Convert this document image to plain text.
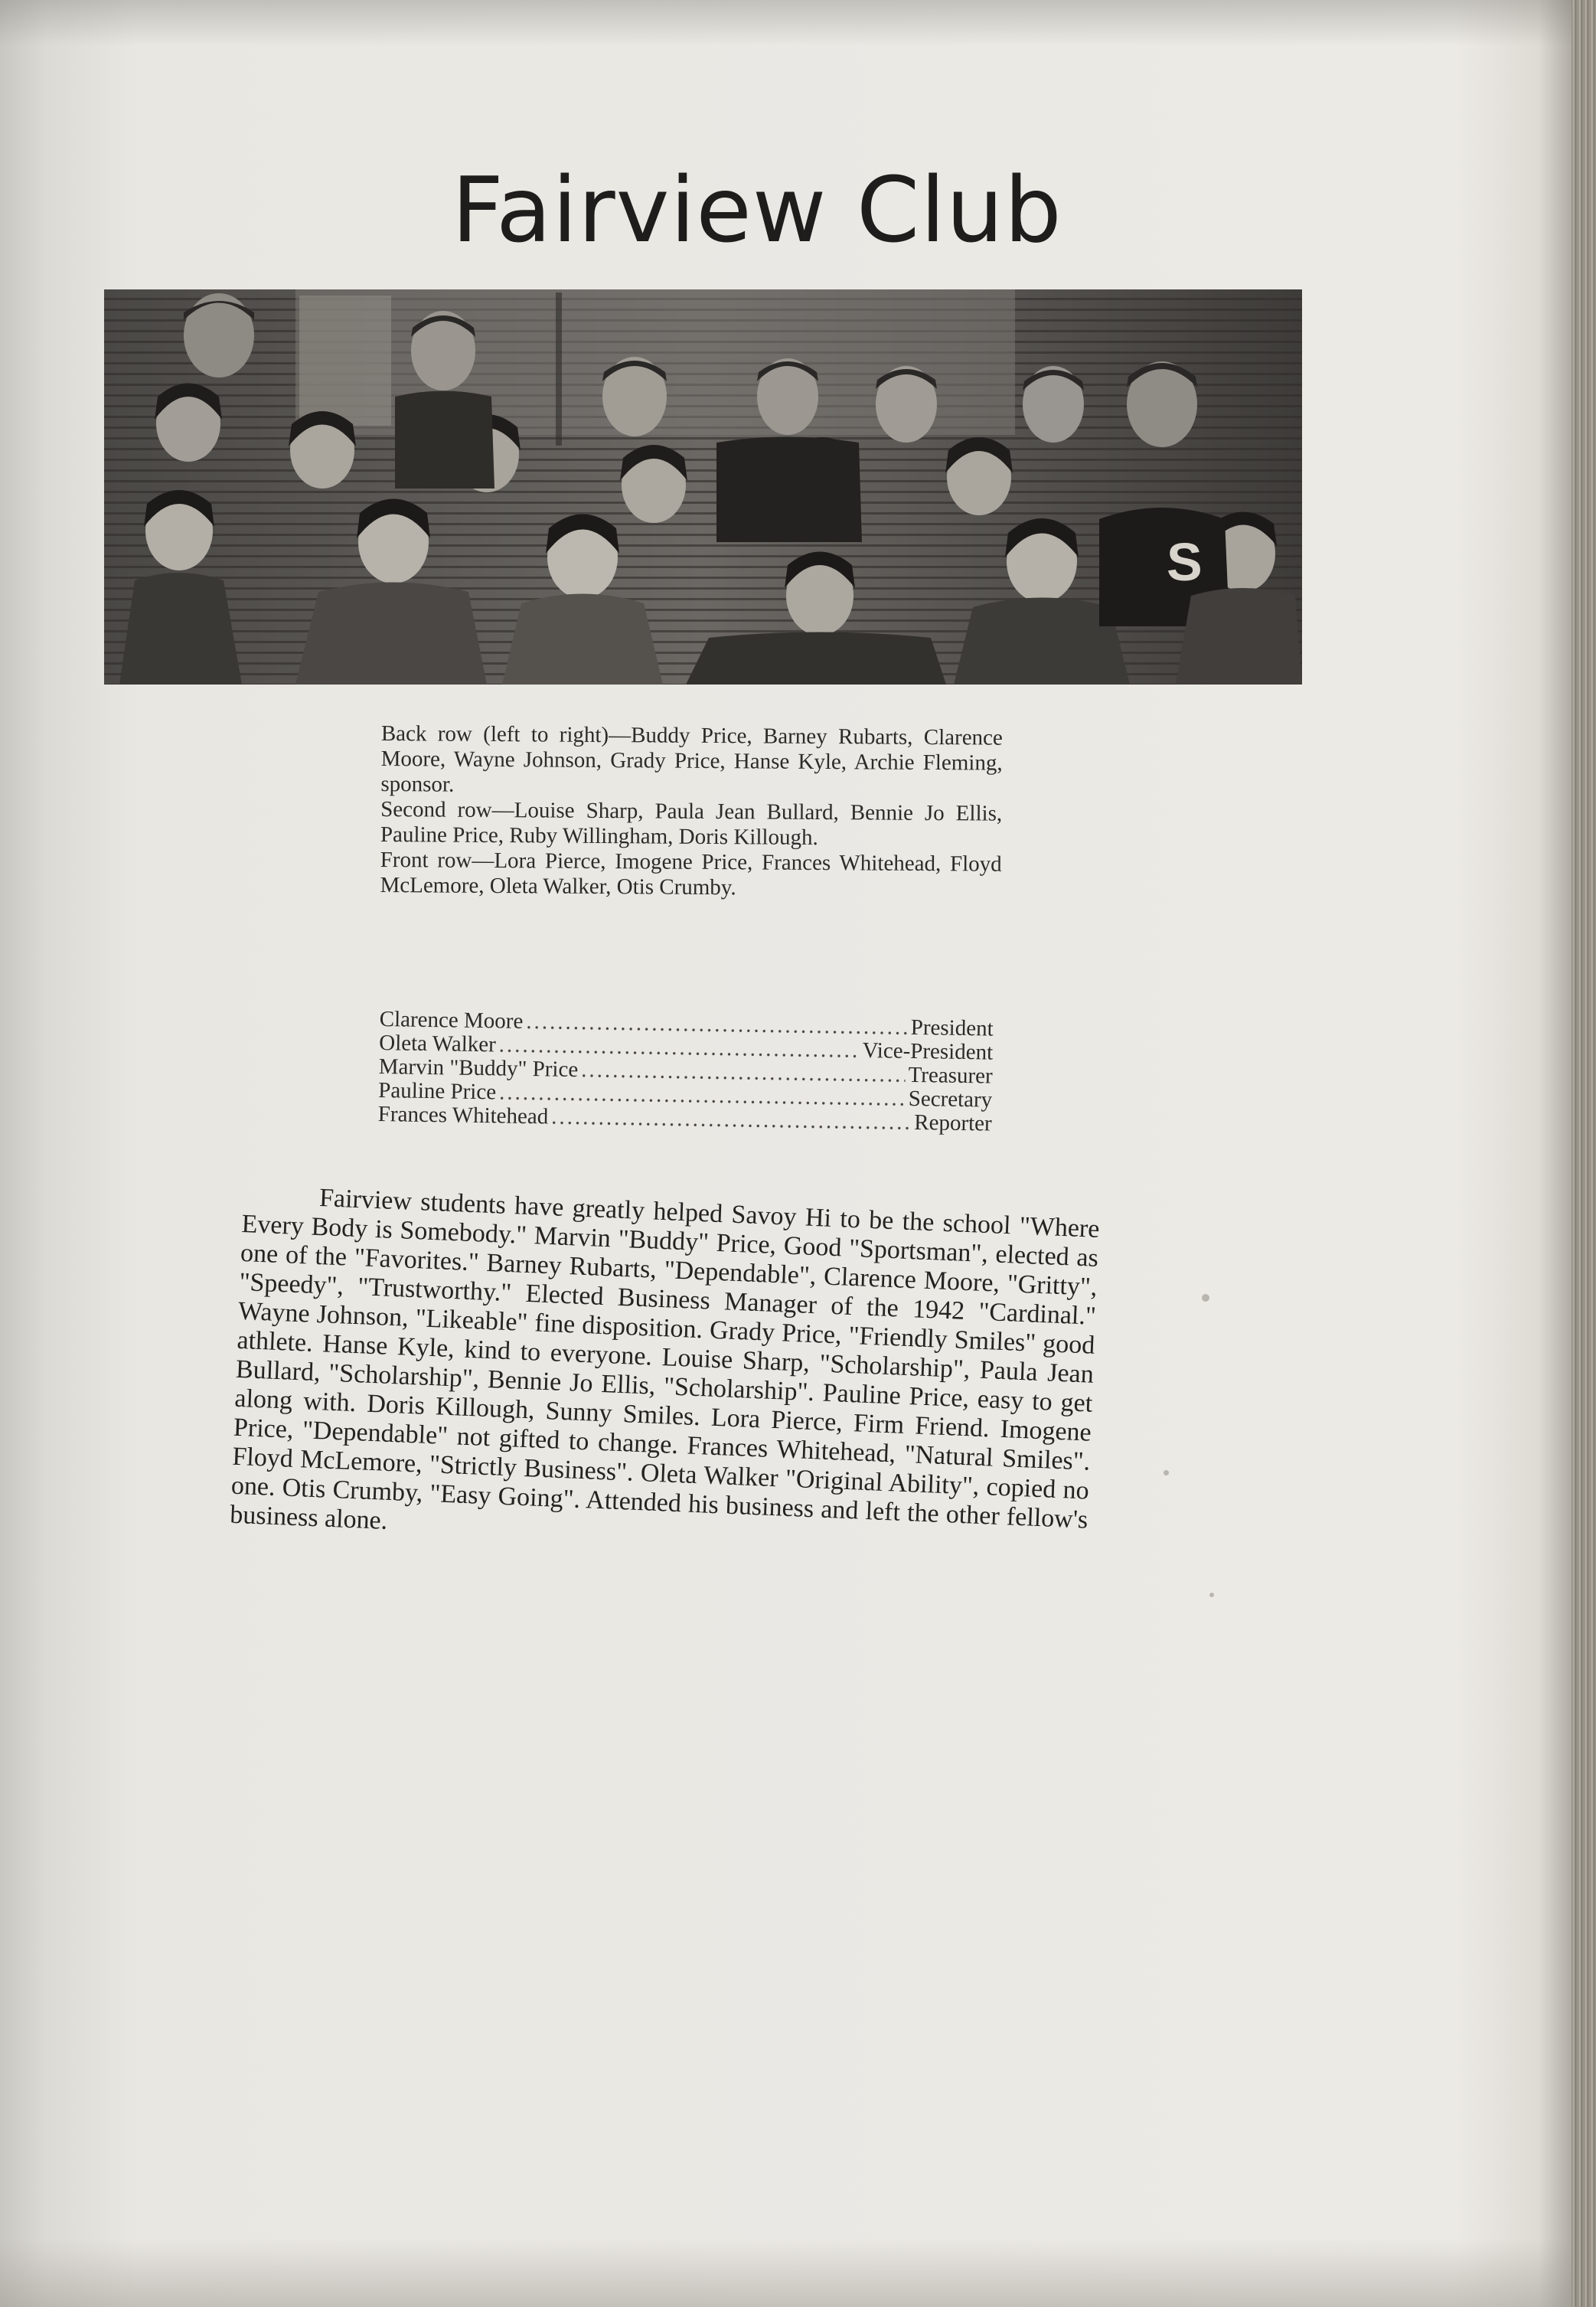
Fairview Club
S

Back row (left to right)—Buddy Price, Barney Rubarts, Clarence Moore, Wayne Johnson, Grady Price, Hanse Kyle, Archie Fleming, sponsor.

Second row—Louise Sharp, Paula Jean Bullard, Bennie Jo Ellis, Pauline Price, Ruby Willingham, Doris Killough.

Front row—Lora Pierce, Imogene Price, Frances Whitehead, Floyd McLemore, Oleta Walker, Otis Crumby.

Clarence Moore .....	President
Oleta Walker .....	Vice-President
Marvin "Buddy" Price .....	Treasurer
Pauline Price .....	Secretary
Frances Whitehead .....	Reporter
Fairview students have greatly helped Savoy Hi to be the school "Where Every Body is Somebody." Marvin "Buddy" Price, Good "Sportsman", elected as one of the "Favorites." Barney Rubarts, "Dependable", Clarence Moore, "Gritty", "Speedy", "Trustworthy." Elected Business Manager of the 1942 "Cardinal." Wayne Johnson, "Likeable" fine disposition. Grady Price, "Friendly Smiles" good athlete. Hanse Kyle, kind to everyone. Louise Sharp, "Scholarship", Paula Jean Bullard, "Scholarship", Bennie Jo Ellis, "Scholarship". Pauline Price, easy to get along with. Doris Killough, Sunny Smiles. Lora Pierce, Firm Friend. Imogene Price, "Dependable" not gifted to change. Frances Whitehead, "Natural Smiles". Floyd McLemore, "Strictly Business". Oleta Walker "Original Ability", copied no one. Otis Crumby, "Easy Going". Attended his business and left the other fellow's business alone.
